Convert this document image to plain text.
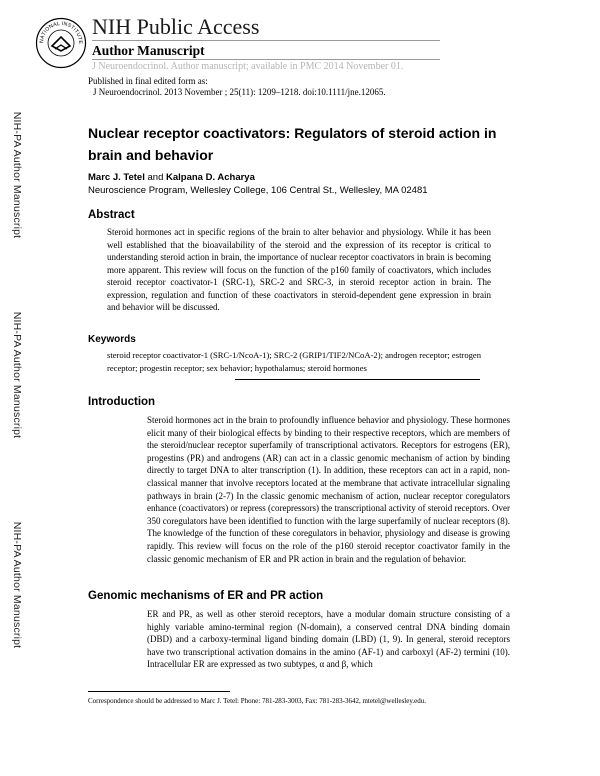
NATIONAL INSTITUTE
NIH Public Access
Author Manuscript
J Neuroendocrinol. Author manuscript; available in PMC 2014 November 01.
Published in final edited form as:
J Neuroendocrinol. 2013 November ; 25(11): 1209–1218. doi:10.1111/jne.12065.
NIH-PA Author Manuscript
NIH-PA Author Manuscript
NIH-PA Author Manuscript
Nuclear receptor coactivators: Regulators of steroid action in brain and behavior
Marc J. Tetel and Kalpana D. Acharya
Neuroscience Program, Wellesley College, 106 Central St., Wellesley, MA 02481
Abstract

Steroid hormones act in specific regions of the brain to alter behavior and physiology. While it has been well established that the bioavailability of the steroid and the expression of its receptor is critical to understanding steroid action in brain, the importance of nuclear receptor coactivators in brain is becoming more apparent. This review will focus on the function of the p160 family of coactivators, which includes steroid receptor coactivator-1 (SRC-1), SRC-2 and SRC-3, in steroid receptor action in brain. The expression, regulation and function of these coactivators in steroid-dependent gene expression in brain and behavior will be discussed.

Keywords

steroid receptor coactivator-1 (SRC-1/NcoA-1); SRC-2 (GRIP1/TIF2/NCoA-2); androgen receptor; estrogen receptor; progestin receptor; sex behavior; hypothalamus; steroid hormones

Introduction

Steroid hormones act in the brain to profoundly influence behavior and physiology. These hormones elicit many of their biological effects by binding to their respective receptors, which are members of the steroid/nuclear receptor superfamily of transcriptional activators. Receptors for estrogens (ER), progestins (PR) and androgens (AR) can act in a classic genomic mechanism of action by binding directly to target DNA to alter transcription (1). In addition, these receptors can act in a rapid, non-classical manner that involve receptors located at the membrane that activate intracellular signaling pathways in brain (2-7) In the classic genomic mechanism of action, nuclear receptor coregulators enhance (coactivators) or repress (corepressors) the transcriptional activity of steroid receptors. Over 350 coregulators have been identified to function with the large superfamily of nuclear receptors (8). The knowledge of the function of these coregulators in behavior, physiology and disease is growing rapidly. This review will focus on the role of the p160 steroid receptor coactivator family in the classic genomic mechanism of ER and PR action in brain and the regulation of behavior.

Genomic mechanisms of ER and PR action

ER and PR, as well as other steroid receptors, have a modular domain structure consisting of a highly variable amino-terminal region (N-domain), a conserved central DNA binding domain (DBD) and a carboxy-terminal ligand binding domain (LBD) (1, 9). In general, steroid receptors have two transcriptional activation domains in the amino (AF-1) and carboxyl (AF-2) termini (10). Intracellular ER are expressed as two subtypes, α and β, which

Correspondence should be addressed to Marc J. Tetel: Phone: 781-283-3003, Fax: 781-283-3642, mtetel@wellesley.edu.
